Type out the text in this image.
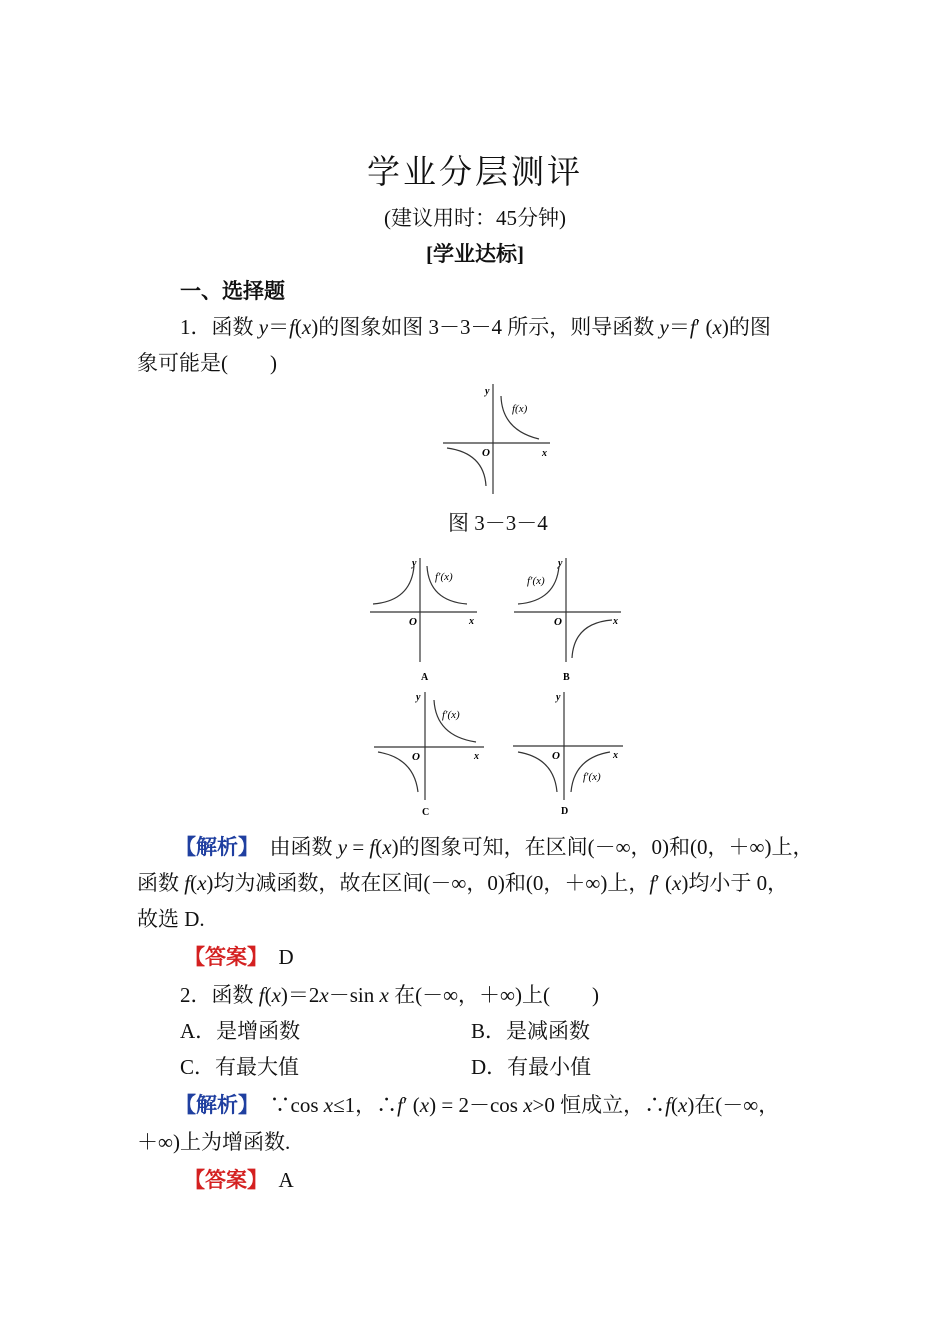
学业分层测评
(建议用时：45分钟)
[学业达标]
一、选择题
1．函数 y＝f(x)的图象如图 3－3－4 所示，则导函数 y＝f′ (x)的图
象可能是(　　)
y
x
O
f(x)
图 3－3－4
y
x
O
f′(x)
A
y
x
O
f′(x)
B
y
x
O
f′(x)
C
y
x
O
f′(x)
D
【解析】　 由函数 y = f(x)的图象可知，在区间(－∞，0)和(0，＋∞)上，
函数 f(x)均为减函数，故在区间(－∞，0)和(0，＋∞)上，f′ (x)均小于 0，
故选 D.
【答案】　 D
2．函数 f(x)＝2x－sin x 在(－∞，＋∞)上(　　)
A．是增函数	B．是减函数
C．有最大值	D．有最小值
【解析】　 ∵cos x≤1，∴f′ (x) = 2－cos x>0 恒成立，∴f(x)在(－∞，
＋∞)上为增函数.
【答案】　 A
